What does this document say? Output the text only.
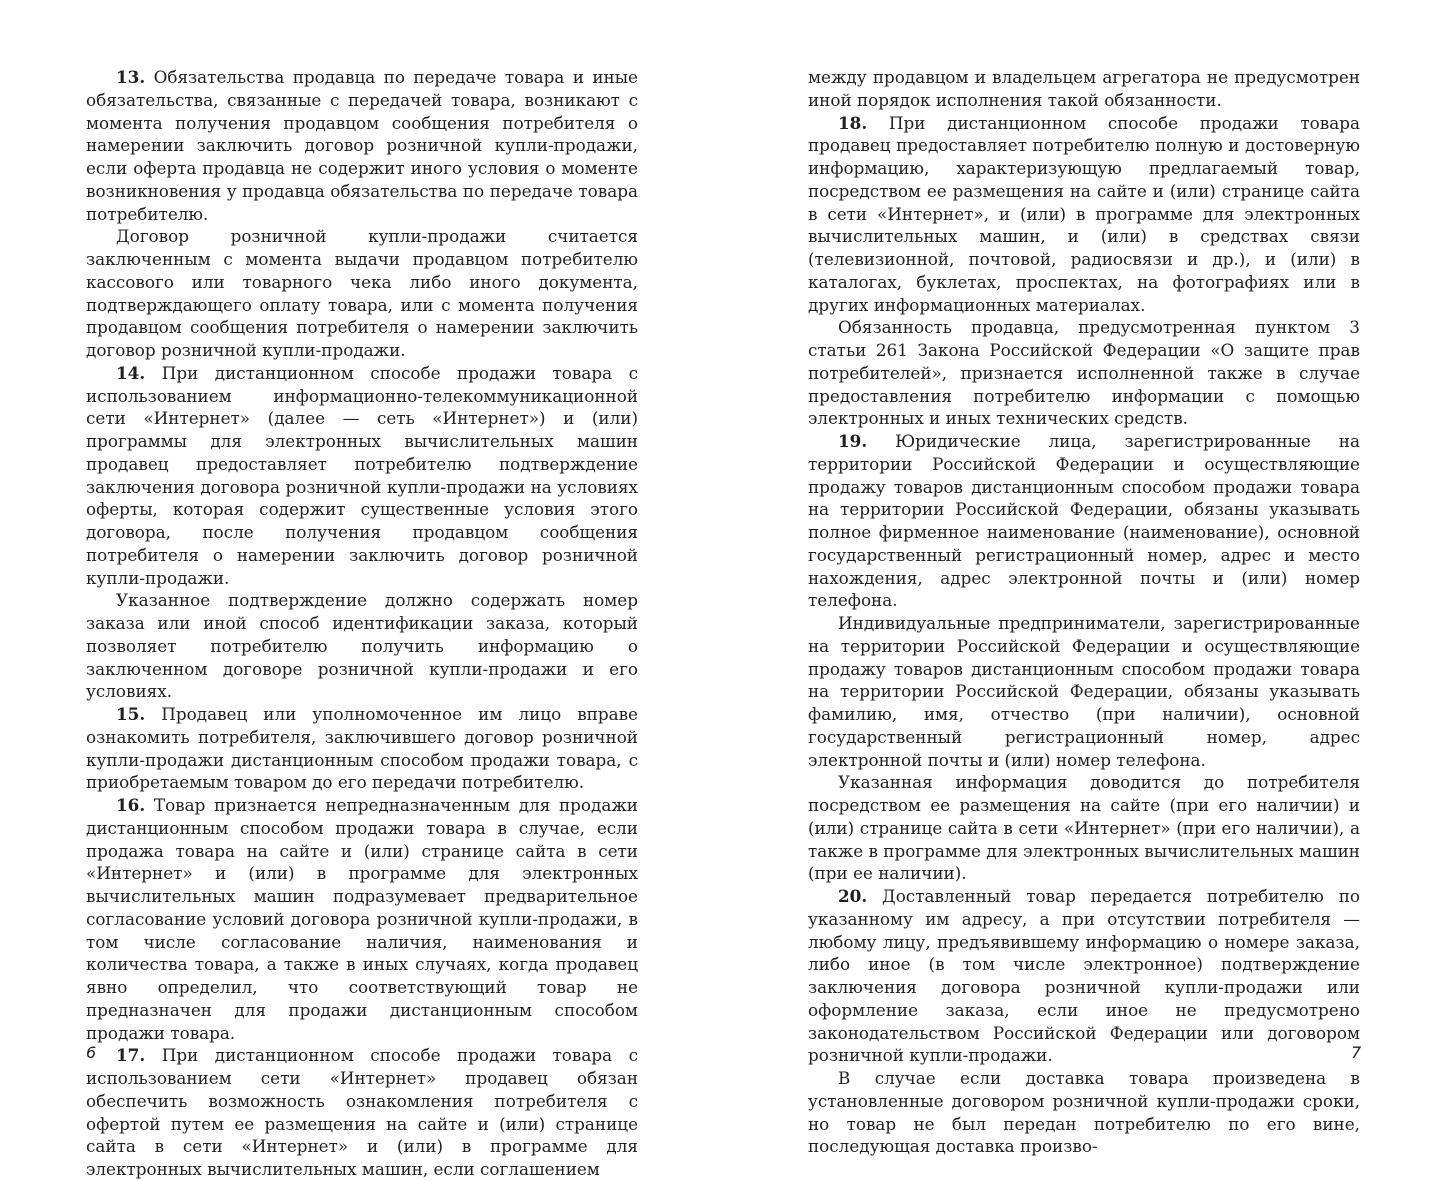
13. Обязательства продавца по передаче товара и иные обязательства, связанные с передачей товара, возникают с момента получения продавцом сообщения потребителя о намерении заключить договор розничной купли-продажи, если оферта продавца не содержит иного условия о моменте возникновения у продавца обязательства по передаче товара потребителю.

Договор розничной купли-продажи считается заключенным с момента выдачи продавцом потребителю кассового или товарного чека либо иного документа, подтверждающего оплату товара, или с момента получения продавцом сообщения потребителя о намерении заключить договор розничной купли-продажи.

14. При дистанционном способе продажи товара с использованием информационно-телекоммуникационной сети «Интернет» (далее — сеть «Интернет») и (или) программы для электронных вычислительных машин продавец предоставляет потребителю подтверждение заключения договора розничной купли-продажи на условиях оферты, которая содержит существенные условия этого договора, после получения продавцом сообщения потребителя о намерении заключить договор розничной купли-продажи.

Указанное подтверждение должно содержать номер заказа или иной способ идентификации заказа, который позволяет потребителю получить информацию о заключенном договоре розничной купли-продажи и его условиях.

15. Продавец или уполномоченное им лицо вправе ознакомить потребителя, заключившего договор розничной купли-продажи дистанционным способом продажи товара, с приобретаемым товаром до его передачи потребителю.

16. Товар признается непредназначенным для продажи дистанционным способом продажи товара в случае, если продажа товара на сайте и (или) странице сайта в сети «Интернет» и (или) в программе для электронных вычислительных машин подразумевает предварительное согласование условий договора розничной купли-продажи, в том числе согласование наличия, наименования и количества товара, а также в иных случаях, когда продавец явно определил, что соответствующий товар не предназначен для продажи дистанционным способом продажи товара.

17. При дистанционном способе продажи товара с использованием сети «Интернет» продавец обязан обеспечить возможность ознакомления потребителя с офертой путем ее размещения на сайте и (или) странице сайта в сети «Интернет» и (или) в программе для электронных вычислительных машин, если соглашением

между продавцом и владельцем агрегатора не предусмотрен иной порядок исполнения такой обязанности.

18. При дистанционном способе продажи товара продавец предоставляет потребителю полную и достоверную информацию, характеризующую предлагаемый товар, посредством ее размещения на сайте и (или) странице сайта в сети «Интернет», и (или) в программе для электронных вычислительных машин, и (или) в средствах связи (телевизионной, почтовой, радиосвязи и др.), и (или) в каталогах, буклетах, проспектах, на фотографиях или в других информационных материалах.

Обязанность продавца, предусмотренная пунктом 3 статьи 261 Закона Российской Федерации «О защите прав потребителей», признается исполненной также в случае предоставления потребителю информации с помощью электронных и иных технических средств.

19. Юридические лица, зарегистрированные на территории Российской Федерации и осуществляющие продажу товаров дистанционным способом продажи товара на территории Российской Федерации, обязаны указывать полное фирменное наименование (наименование), основной государственный регистрационный номер, адрес и место нахождения, адрес электронной почты и (или) номер телефона.

Индивидуальные предприниматели, зарегистрированные на территории Российской Федерации и осуществляющие продажу товаров дистанционным способом продажи товара на территории Российской Федерации, обязаны указывать фамилию, имя, отчество (при наличии), основной государственный регистрационный номер, адрес электронной почты и (или) номер телефона.

Указанная информация доводится до потребителя посредством ее размещения на сайте (при его наличии) и (или) странице сайта в сети «Интернет» (при его наличии), а также в программе для электронных вычислительных машин (при ее наличии).

20. Доставленный товар передается потребителю по указанному им адресу, а при отсутствии потребителя — любому лицу, предъявившему информацию о номере заказа, либо иное (в том числе электронное) подтверждение заключения договора розничной купли-продажи или оформление заказа, если иное не предусмотрено законодательством Российской Федерации или договором розничной купли-продажи.

В случае если доставка товара произведена в установленные договором розничной купли-продажи сроки, но товар не был передан потребителю по его вине, последующая доставка произво-

6	7
